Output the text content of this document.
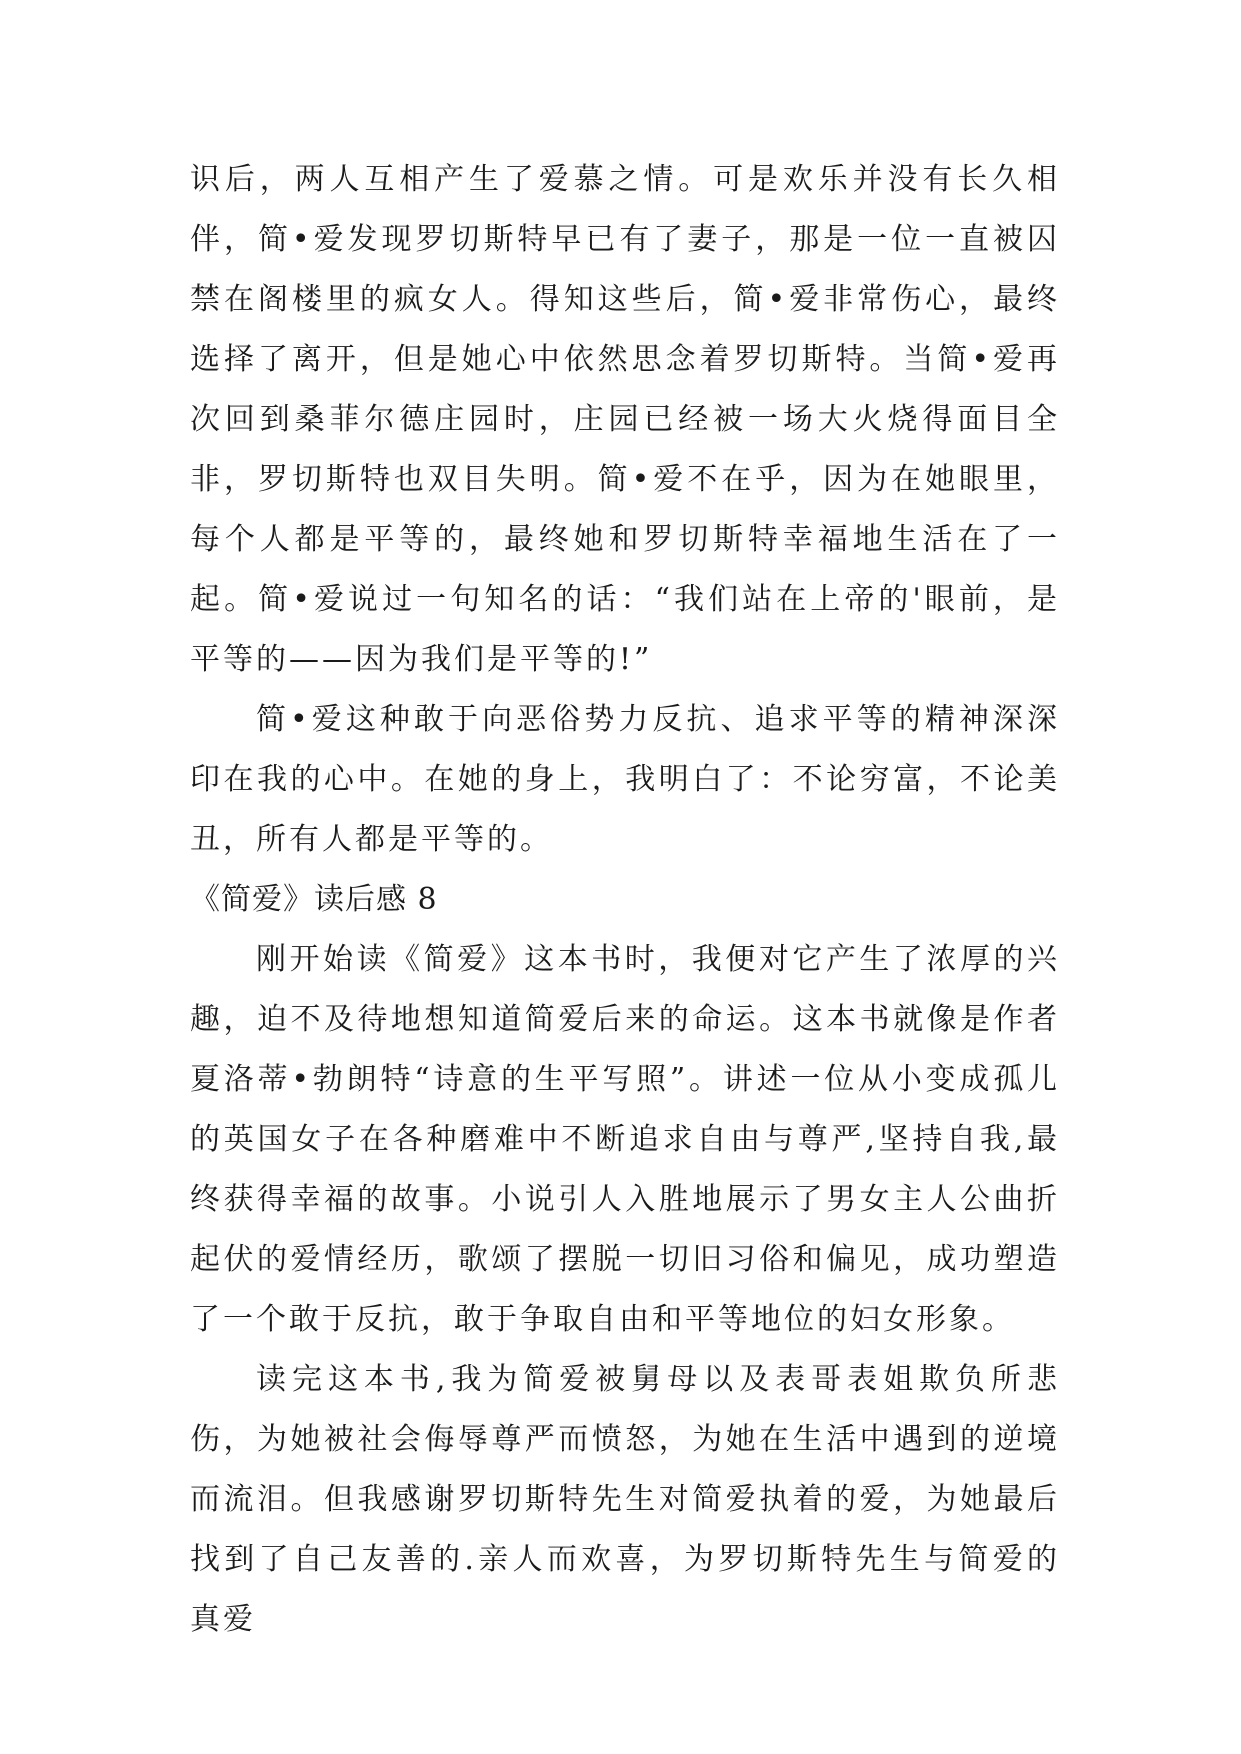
识后，两人互相产生了爱慕之情。可是欢乐并没有长久相伴，简•爱发现罗切斯特早已有了妻子，那是一位一直被囚禁在阁楼里的疯女人。得知这些后，简•爱非常伤心，最终选择了离开，但是她心中依然思念着罗切斯特。当简•爱再次回到桑菲尔德庄园时，庄园已经被一场大火烧得面目全非，罗切斯特也双目失明。简•爱不在乎，因为在她眼里，每个人都是平等的，最终她和罗切斯特幸福地生活在了一起。简•爱说过一句知名的话：“我们站在上帝的'眼前，是平等的——因为我们是平等的!”

简•爱这种敢于向恶俗势力反抗、追求平等的精神深深印在我的心中。在她的身上，我明白了：不论穷富，不论美丑，所有人都是平等的。

《简爱》读后感 8

刚开始读《简爱》这本书时，我便对它产生了浓厚的兴趣，迫不及待地想知道简爱后来的命运。这本书就像是作者夏洛蒂•勃朗特“诗意的生平写照”。讲述一位从小变成孤儿的英国女子在各种磨难中不断追求自由与尊严,坚持自我,最终获得幸福的故事。小说引人入胜地展示了男女主人公曲折起伏的爱情经历，歌颂了摆脱一切旧习俗和偏见，成功塑造了一个敢于反抗，敢于争取自由和平等地位的妇女形象。

读完这本书,我为简爱被舅母以及表哥表姐欺负所悲伤，为她被社会侮辱尊严而愤怒，为她在生活中遇到的逆境而流泪。但我感谢罗切斯特先生对简爱执着的爱，为她最后找到了自己友善的.亲人而欢喜，为罗切斯特先生与简爱的真爱
